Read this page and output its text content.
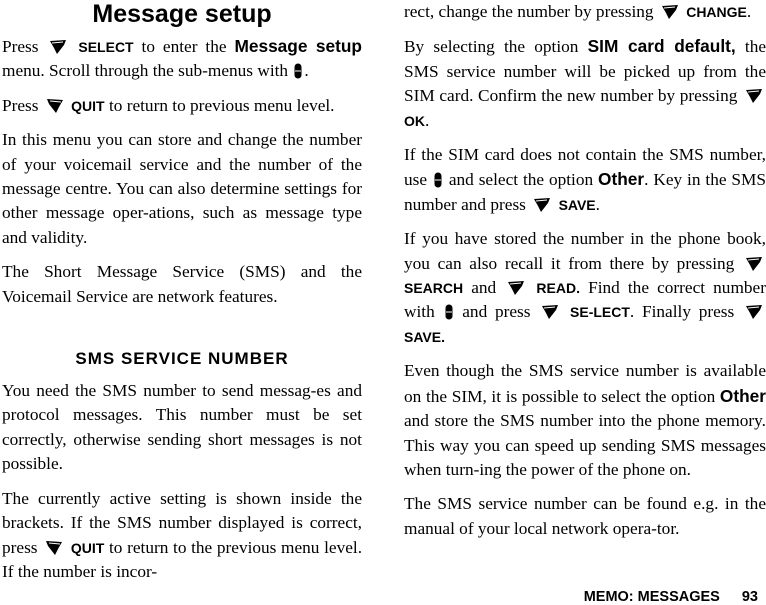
Message setup

Press	SELECT to enter the Message setup menu. Scroll through the sub-menus with .

Press QUIT to return to previous menu level.

In this menu you can store and change the number of your voicemail service and the number of the message centre. You can also determine settings for other message oper-ations, such as message type and validity.

The Short Message Service (SMS) and the Voicemail Service are network features.

SMS SERVICE NUMBER

You need the SMS number to send messag-es and protocol messages. This number must be set correctly, otherwise sending short messages is not possible.

The currently active setting is shown inside the brackets. If the SMS number displayed is correct, press QUIT to return to the previous menu level. If the number is incor-

rect, change the number by pressing CHANGE.

By selecting the option SIM card default, the SMS service number will be picked up from the SIM card. Confirm the new number by pressing  OK.

If the SIM card does not contain the SMS number, use and select the option Other. Key in the SMS number and press SAVE.

If you have stored the number in the phone book, you can also recall it from there by pressing  SEARCH and	READ. Find the correct number with and press	SE-LECT. Finally press  SAVE.

Even though the SMS service number is available on the SIM, it is possible to select the option Other and store the SMS number into the phone memory. This way you can speed up sending SMS messages when turn-ing the power of the phone on.

The SMS service number can be found e.g. in the manual of your local network opera-tor.

MEMO: MESSAGES 93
